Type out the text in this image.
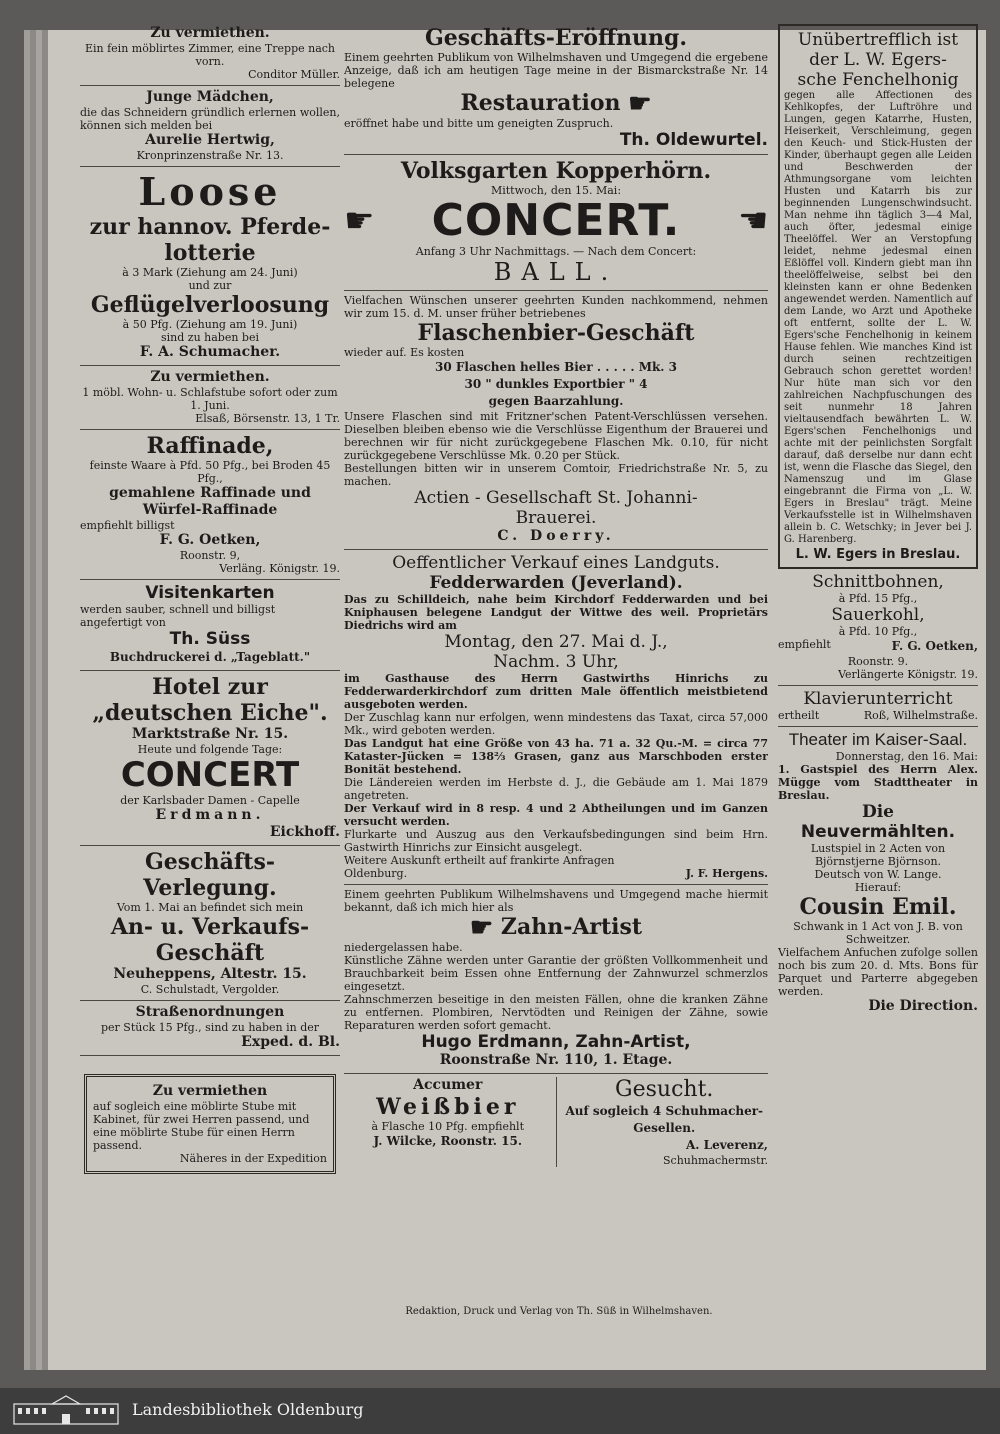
Zu vermiethen.
Ein fein möblirtes Zimmer, eine Treppe nach vorn.
Conditor Müller.
Junge Mädchen,
die das Schneidern gründlich erlernen wollen, können sich melden bei
Aurelie Hertwig,
Kronprinzenstraße Nr. 13.
Loose
zur hannov. Pferde-
lotterie
à 3 Mark (Ziehung am 24. Juni)
und zur
Geflügelverloosung
à 50 Pfg. (Ziehung am 19. Juni)
sind zu haben bei
F. A. Schumacher.
Zu vermiethen.
1 möbl. Wohn- u. Schlafstube sofort oder zum 1. Juni.
Elsaß, Börsenstr. 13, 1 Tr.
Raffinade,
feinste Waare à Pfd. 50 Pfg., bei Broden 45 Pfg.,
gemahlene Raffinade und Würfel-Raffinade
empfiehlt billigst
F. G. Oetken,
Roonstr. 9,
Verläng. Königstr. 19.
Visitenkarten
werden sauber, schnell und billigst angefertigt von
Th. Süss
Buchdruckerei d. „Tageblatt."
Hotel zur
„deutschen Eiche".
Marktstraße Nr. 15.
Heute und folgende Tage:
CONCERT
der Karlsbader Damen - Capelle
Erdmann.
Eickhoff.
Geschäfts-
Verlegung.
Vom 1. Mai an befindet sich mein
An- u. Verkaufs-
Geschäft
Neuheppens, Altestr. 15.
C. Schulstadt, Vergolder.
Straßenordnungen
per Stück 15 Pfg., sind zu haben in der
Exped. d. Bl.
Zu vermiethen
auf sogleich eine möblirte Stube mit Kabinet, für zwei Herren passend, und eine möblirte Stube für einen Herrn passend.
Näheres in der Expedition
Geschäfts-Eröffnung.
Einem geehrten Publikum von Wilhelmshaven und Umgegend die ergebene Anzeige, daß ich am heutigen Tage meine in der Bismarckstraße Nr. 14 belegene
Restauration ☛
eröffnet habe und bitte um geneigten Zuspruch.
Th. Oldewurtel.
Volksgarten Kopperhörn.
Mittwoch, den 15. Mai:
☛ CONCERT. ☛
Anfang 3 Uhr Nachmittags. — Nach dem Concert:
BALL.
Vielfachen Wünschen unserer geehrten Kunden nachkommend, nehmen wir zum 15. d. M. unser früher betriebenes
Flaschenbier-Geschäft
wieder auf. Es kosten
30 Flaschen helles Bier . . . . . Mk. 3
30 " dunkles Exportbier " 4
gegen Baarzahlung.
Unsere Flaschen sind mit Fritzner'schen Patent-Verschlüssen versehen. Dieselben bleiben ebenso wie die Verschlüsse Eigenthum der Brauerei und berechnen wir für nicht zurückgegebene Flaschen Mk. 0.10, für nicht zurückgegebene Verschlüsse Mk. 0.20 per Stück.
Bestellungen bitten wir in unserem Comtoir, Friedrichstraße Nr. 5, zu machen.
Actien - Gesellschaft St. Johanni-
Brauerei.
C. Doerry.
Oeffentlicher Verkauf eines Landguts.
Fedderwarden (Jeverland).
Das zu Schilldeich, nahe beim Kirchdorf Fedderwarden und bei Kniphausen belegene Landgut der Wittwe des weil. Proprietärs Diedrichs wird am
Montag, den 27. Mai d. J.,
Nachm. 3 Uhr,
im Gasthause des Herrn Gastwirths Hinrichs zu Fedderwarderkirchdorf zum dritten Male öffentlich meistbietend ausgeboten werden.
Der Zuschlag kann nur erfolgen, wenn mindestens das Taxat, circa 57,000 Mk., wird geboten werden.
Das Landgut hat eine Größe von 43 ha. 71 a. 32 Qu.-M. = circa 77 Kataster-Jücken = 138⅔ Grasen, ganz aus Marschboden erster Bonität bestehend.
Die Ländereien werden im Herbste d. J., die Gebäude am 1. Mai 1879 angetreten.
Der Verkauf wird in 8 resp. 4 und 2 Abtheilungen und im Ganzen versucht werden.
Flurkarte und Auszug aus den Verkaufsbedingungen sind beim Hrn. Gastwirth Hinrichs zur Einsicht ausgelegt.
Weitere Auskunft ertheilt auf frankirte Anfragen
Oldenburg.	J. F. Hergens.
Einem geehrten Publikum Wilhelmshavens und Umgegend mache hiermit bekannt, daß ich mich hier als
☛ Zahn-Artist
niedergelassen habe.
Künstliche Zähne werden unter Garantie der größten Vollkommenheit und Brauchbarkeit beim Essen ohne Entfernung der Zahnwurzel schmerzlos eingesetzt.
Zahnschmerzen beseitige in den meisten Fällen, ohne die kranken Zähne zu entfernen. Plombiren, Nervtödten und Reinigen der Zähne, sowie Reparaturen werden sofort gemacht.
Hugo Erdmann, Zahn-Artist,
Roonstraße Nr. 110, 1. Etage.
Accumer
Weißbier
à Flasche 10 Pfg. empfiehlt
J. Wilcke, Roonstr. 15.
Gesucht.
Auf sogleich 4 Schuhmacher-Gesellen.
A. Leverenz,
Schuhmachermstr.
Unübertrefflich ist
der L. W. Egers-
sche Fenchelhonig
gegen alle Affectionen des Kehlkopfes, der Luftröhre und Lungen, gegen Katarrhe, Husten, Heiserkeit, Verschleimung, gegen den Keuch- und Stick-Husten der Kinder, überhaupt gegen alle Leiden und Beschwerden der Athmungsorgane vom leichten Husten und Katarrh bis zur beginnenden Lungenschwindsucht. Man nehme ihn täglich 3—4 Mal, auch öfter, jedesmal einige Theelöffel. Wer an Verstopfung leidet, nehme jedesmal einen Eßlöffel voll. Kindern giebt man ihn theelöffelweise, selbst bei den kleinsten kann er ohne Bedenken angewendet werden. Namentlich auf dem Lande, wo Arzt und Apotheke oft entfernt, sollte der L. W. Egers'sche Fenchelhonig in keinem Hause fehlen. Wie manches Kind ist durch seinen rechtzeitigen Gebrauch schon gerettet worden! Nur hüte man sich vor den zahlreichen Nachpfuschungen des seit nunmehr 18 Jahren vieltausendfach bewährten L. W. Egers'schen Fenchelhonigs und achte mit der peinlichsten Sorgfalt darauf, daß derselbe nur dann echt ist, wenn die Flasche das Siegel, den Namenszug und im Glase eingebrannt die Firma von „L. W. Egers in Breslau" trägt. Meine Verkaufsstelle ist in Wilhelmshaven allein b. C. Wetschky; in Jever bei J. G. Harenberg.
L. W. Egers in Breslau.
Schnittbohnen,
à Pfd. 15 Pfg.,
Sauerkohl,
à Pfd. 10 Pfg.,
empfiehlt	F. G. Oetken,
Roonstr. 9.
Verlängerte Königstr. 19.
Klavierunterricht
ertheilt	Roß, Wilhelmstraße.
Theater im Kaiser-Saal.
Donnerstag, den 16. Mai:
1. Gastspiel des Herrn Alex. Mügge vom Stadttheater in Breslau.
Die
Neuvermählten.
Lustspiel in 2 Acten von Björnstjerne Björnson.
Deutsch von W. Lange.
Hierauf:
Cousin Emil.
Schwank in 1 Act von J. B. von Schweitzer.
Vielfachem Anfuchen zufolge sollen noch bis zum 20. d. Mts. Bons für Parquet und Parterre abgegeben werden.
Die Direction.
Redaktion, Druck und Verlag von Th. Süß in Wilhelmshaven.
Landesbibliothek Oldenburg
